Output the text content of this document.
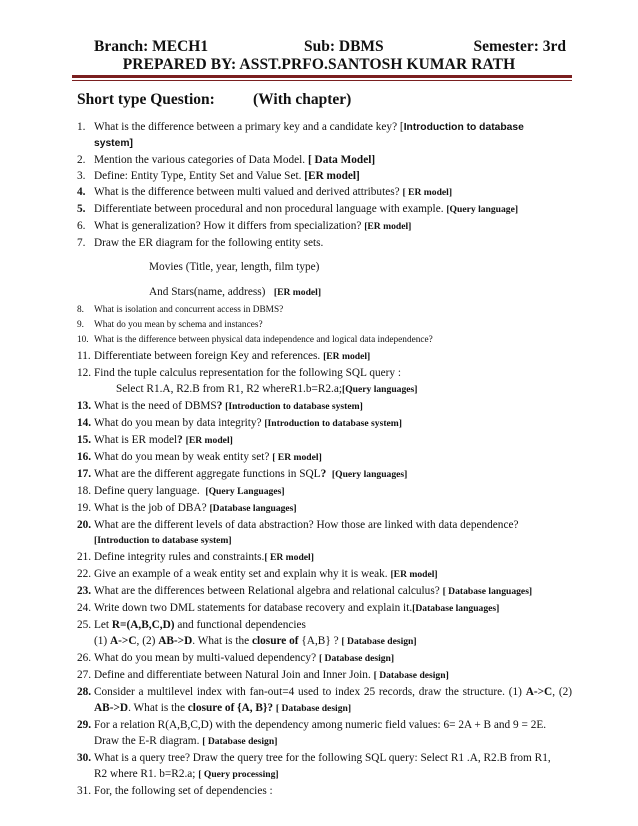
Branch: MECH1	Sub: DBMS	Semester: 3rd
PREPARED BY: ASST.PRFO.SANTOSH KUMAR RATH
Short type Question: (With chapter)
1. What is the difference between a primary key and a candidate key? [Introduction to database
system]
2. Mention the various categories of Data Model. [ Data Model]
3. Define: Entity Type, Entity Set and Value Set. [ER model]
4. What is the difference between multi valued and derived attributes? [ ER model]
5. Differentiate between procedural and non procedural language with example. [Query language]
6. What is generalization? How it differs from specialization? [ER model]
7. Draw the ER diagram for the following entity sets.
Movies (Title, year, length, film type)
And Stars(name, address) [ER model]
8. What is isolation and concurrent access in DBMS?
9. What do you mean by schema and instances?
10. What is the difference between physical data independence and logical data independence?
11. Differentiate between foreign Key and references. [ER model]
12. Find the tuple calculus representation for the following SQL query :
Select R1.A, R2.B from R1, R2 whereR1.b=R2.a;[Query languages]
13. What is the need of DBMS? [Introduction to database system]
14. What do you mean by data integrity? [Introduction to database system]
15. What is ER model? [ER model]
16. What do you mean by weak entity set? [ ER model]
17. What are the different aggregate functions in SQL? [Query languages]
18. Define query language. [Query Languages]
19. What is the job of DBA? [Database languages]
20. What are the different levels of data abstraction? How those are linked with data dependence?
[Introduction to database system]
21. Define integrity rules and constraints.[ ER model]
22. Give an example of a weak entity set and explain why it is weak. [ER model]
23. What are the differences between Relational algebra and relational calculus? [ Database languages]
24. Write down two DML statements for database recovery and explain it.[Database languages]
25. Let R=(A,B,C,D) and functional dependencies
(1) A->C, (2) AB->D. What is the closure of {A,B} ? [ Database design]
26. What do you mean by multi-valued dependency? [ Database design]
27. Define and differentiate between Natural Join and Inner Join. [ Database design]
28. Consider a multilevel index with fan-out=4 used to index 25 records, draw the structure. (1) A->C, (2) AB->D. What is the closure of {A, B}? [ Database design]
29. For a relation R(A,B,C,D) with the dependency among numeric field values: 6= 2A + B and 9 = 2E.
Draw the E-R diagram. [ Database design]
30. What is a query tree? Draw the query tree for the following SQL query: Select R1 .A, R2.B from R1,
R2 where R1. b=R2.a; [ Query processing]
31. For, the following set of dependencies :
